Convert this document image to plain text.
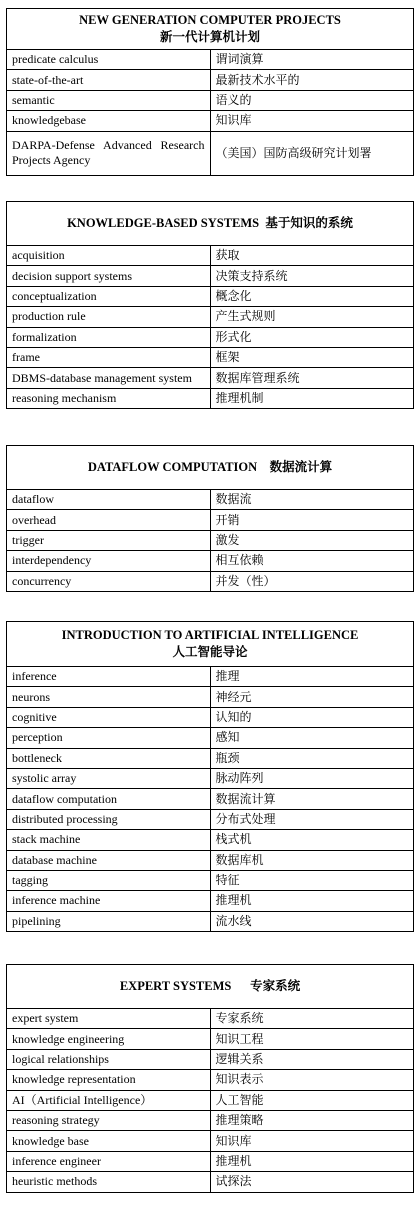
NEW GENERATION COMPUTER PROJECTS
新一代计算机计划	
predicate calculus	谓词演算
state-of-the-art	最新技术水平的
semantic	语义的
knowledgebase	知识库
DARPA-Defense Advanced Research Projects Agency	（美国）国防高级研究计划署
KNOWLEDGE-BASED SYSTEMS 基于知识的系统	
acquisition	获取
decision support systems	决策支持系统
conceptualization	概念化
production rule	产生式规则
formalization	形式化
frame	框架
DBMS-database management system	数据库管理系统
reasoning mechanism	推理机制
DATAFLOW COMPUTATION 数据流计算	
dataflow	数据流
overhead	开销
trigger	激发
interdependency	相互依赖
concurrency	并发（性）
INTRODUCTION TO ARTIFICIAL INTELLIGENCE
人工智能导论	
inference	推理
neurons	神经元
cognitive	认知的
perception	感知
bottleneck	瓶颈
systolic array	脉动阵列
dataflow computation	数据流计算
distributed processing	分布式处理
stack machine	栈式机
database machine	数据库机
tagging	特征
inference machine	推理机
pipelining	流水线
EXPERT SYSTEMS 专家系统	
expert system	专家系统
knowledge engineering	知识工程
logical relationships	逻辑关系
knowledge representation	知识表示
AI（Artificial Intelligence）	人工智能
reasoning strategy	推理策略
knowledge base	知识库
inference engineer	推理机
heuristic methods	试探法
